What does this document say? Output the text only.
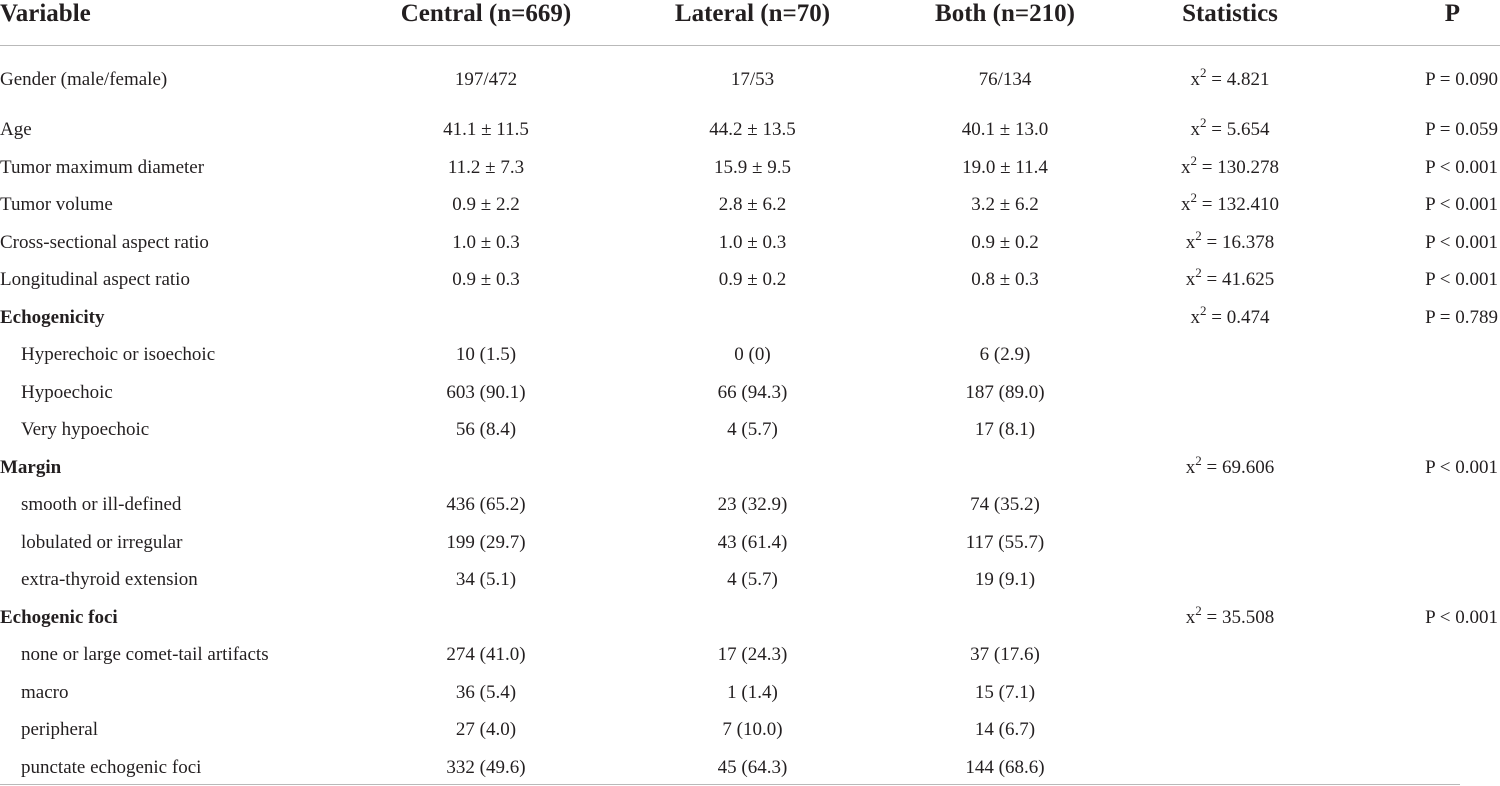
Variable	Central (n=669)	Lateral (n=70)	Both (n=210)	Statistics	P
Gender (male/female)	197/472	17/53	76/134	$x^2 = 4.821$	P = 0.090
Age	41.1 ± 11.5	44.2 ± 13.5	40.1 ± 13.0	$x^2 = 5.654$	P = 0.059
Tumor maximum diameter	11.2 ± 7.3	15.9 ± 9.5	19.0 ± 11.4	$x^2 = 130.278$	P < 0.001
Tumor volume	0.9 ± 2.2	2.8 ± 6.2	3.2 ± 6.2	$x^2 = 132.410$	P < 0.001
Cross-sectional aspect ratio	1.0 ± 0.3	1.0 ± 0.3	0.9 ± 0.2	$x^2 = 16.378$	P < 0.001
Longitudinal aspect ratio	0.9 ± 0.3	0.9 ± 0.2	0.8 ± 0.3	$x^2 = 41.625$	P < 0.001
Echogenicity				$x^2 = 0.474$	P = 0.789
Hyperechoic or isoechoic	10 (1.5)	0 (0)	6 (2.9)		
Hypoechoic	603 (90.1)	66 (94.3)	187 (89.0)		
Very hypoechoic	56 (8.4)	4 (5.7)	17 (8.1)		
Margin				$x^2 = 69.606$	P < 0.001
smooth or ill-defined	436 (65.2)	23 (32.9)	74 (35.2)		
lobulated or irregular	199 (29.7)	43 (61.4)	117 (55.7)		
extra-thyroid extension	34 (5.1)	4 (5.7)	19 (9.1)		
Echogenic foci				$x^2 = 35.508$	P < 0.001
none or large comet-tail artifacts	274 (41.0)	17 (24.3)	37 (17.6)		
macro	36 (5.4)	1 (1.4)	15 (7.1)		
peripheral	27 (4.0)	7 (10.0)	14 (6.7)		
punctate echogenic foci	332 (49.6)	45 (64.3)	144 (68.6)		
